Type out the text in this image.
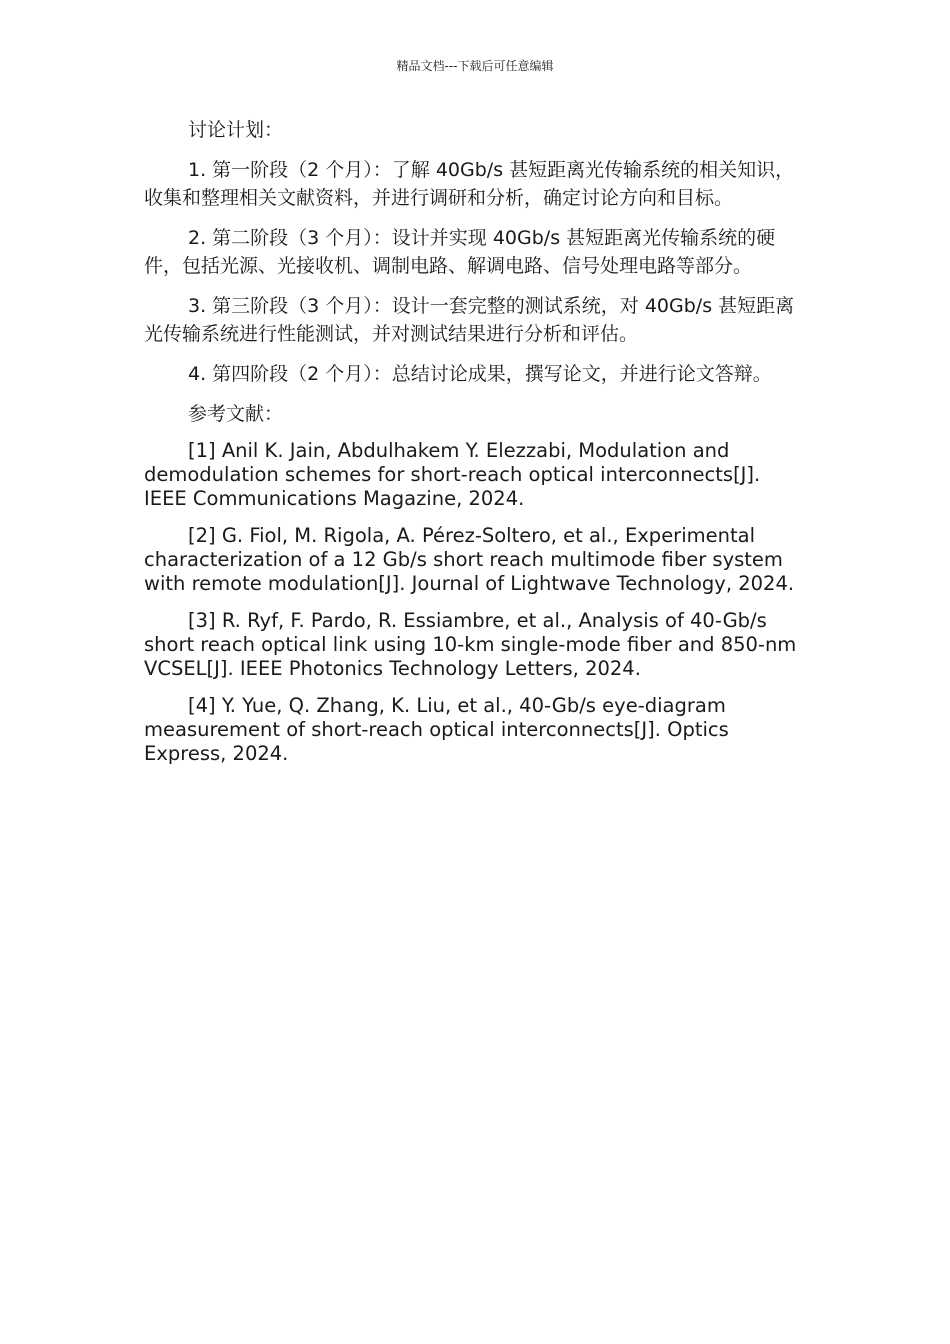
精品文档---下载后可任意编辑

讨论计划：

1. 第一阶段（2 个月）：了解 40Gb/s 甚短距离光传输系统的相关知识，收集和整理相关文献资料，并进行调研和分析，确定讨论方向和目标。

2. 第二阶段（3 个月）：设计并实现 40Gb/s 甚短距离光传输系统的硬件，包括光源、光接收机、调制电路、解调电路、信号处理电路等部分。

3. 第三阶段（3 个月）：设计一套完整的测试系统，对 40Gb/s 甚短距离光传输系统进行性能测试，并对测试结果进行分析和评估。

4. 第四阶段（2 个月）：总结讨论成果，撰写论文，并进行论文答辩。

参考文献：

[1] Anil K. Jain, Abdulhakem Y. Elezzabi, Modulation and demodulation schemes for short-reach optical interconnects[J]. IEEE Communications Magazine, 2024.

[2] G. Fiol, M. Rigola, A. Pérez-Soltero, et al., Experimental characterization of a 12 Gb/s short reach multimode fiber system with remote modulation[J]. Journal of Lightwave Technology, 2024.

[3] R. Ryf, F. Pardo, R. Essiambre, et al., Analysis of 40-Gb/s short reach optical link using 10-km single-mode fiber and 850-nm VCSEL[J]. IEEE Photonics Technology Letters, 2024.

[4] Y. Yue, Q. Zhang, K. Liu, et al., 40-Gb/s eye-diagram measurement of short-reach optical interconnects[J]. Optics Express, 2024.
